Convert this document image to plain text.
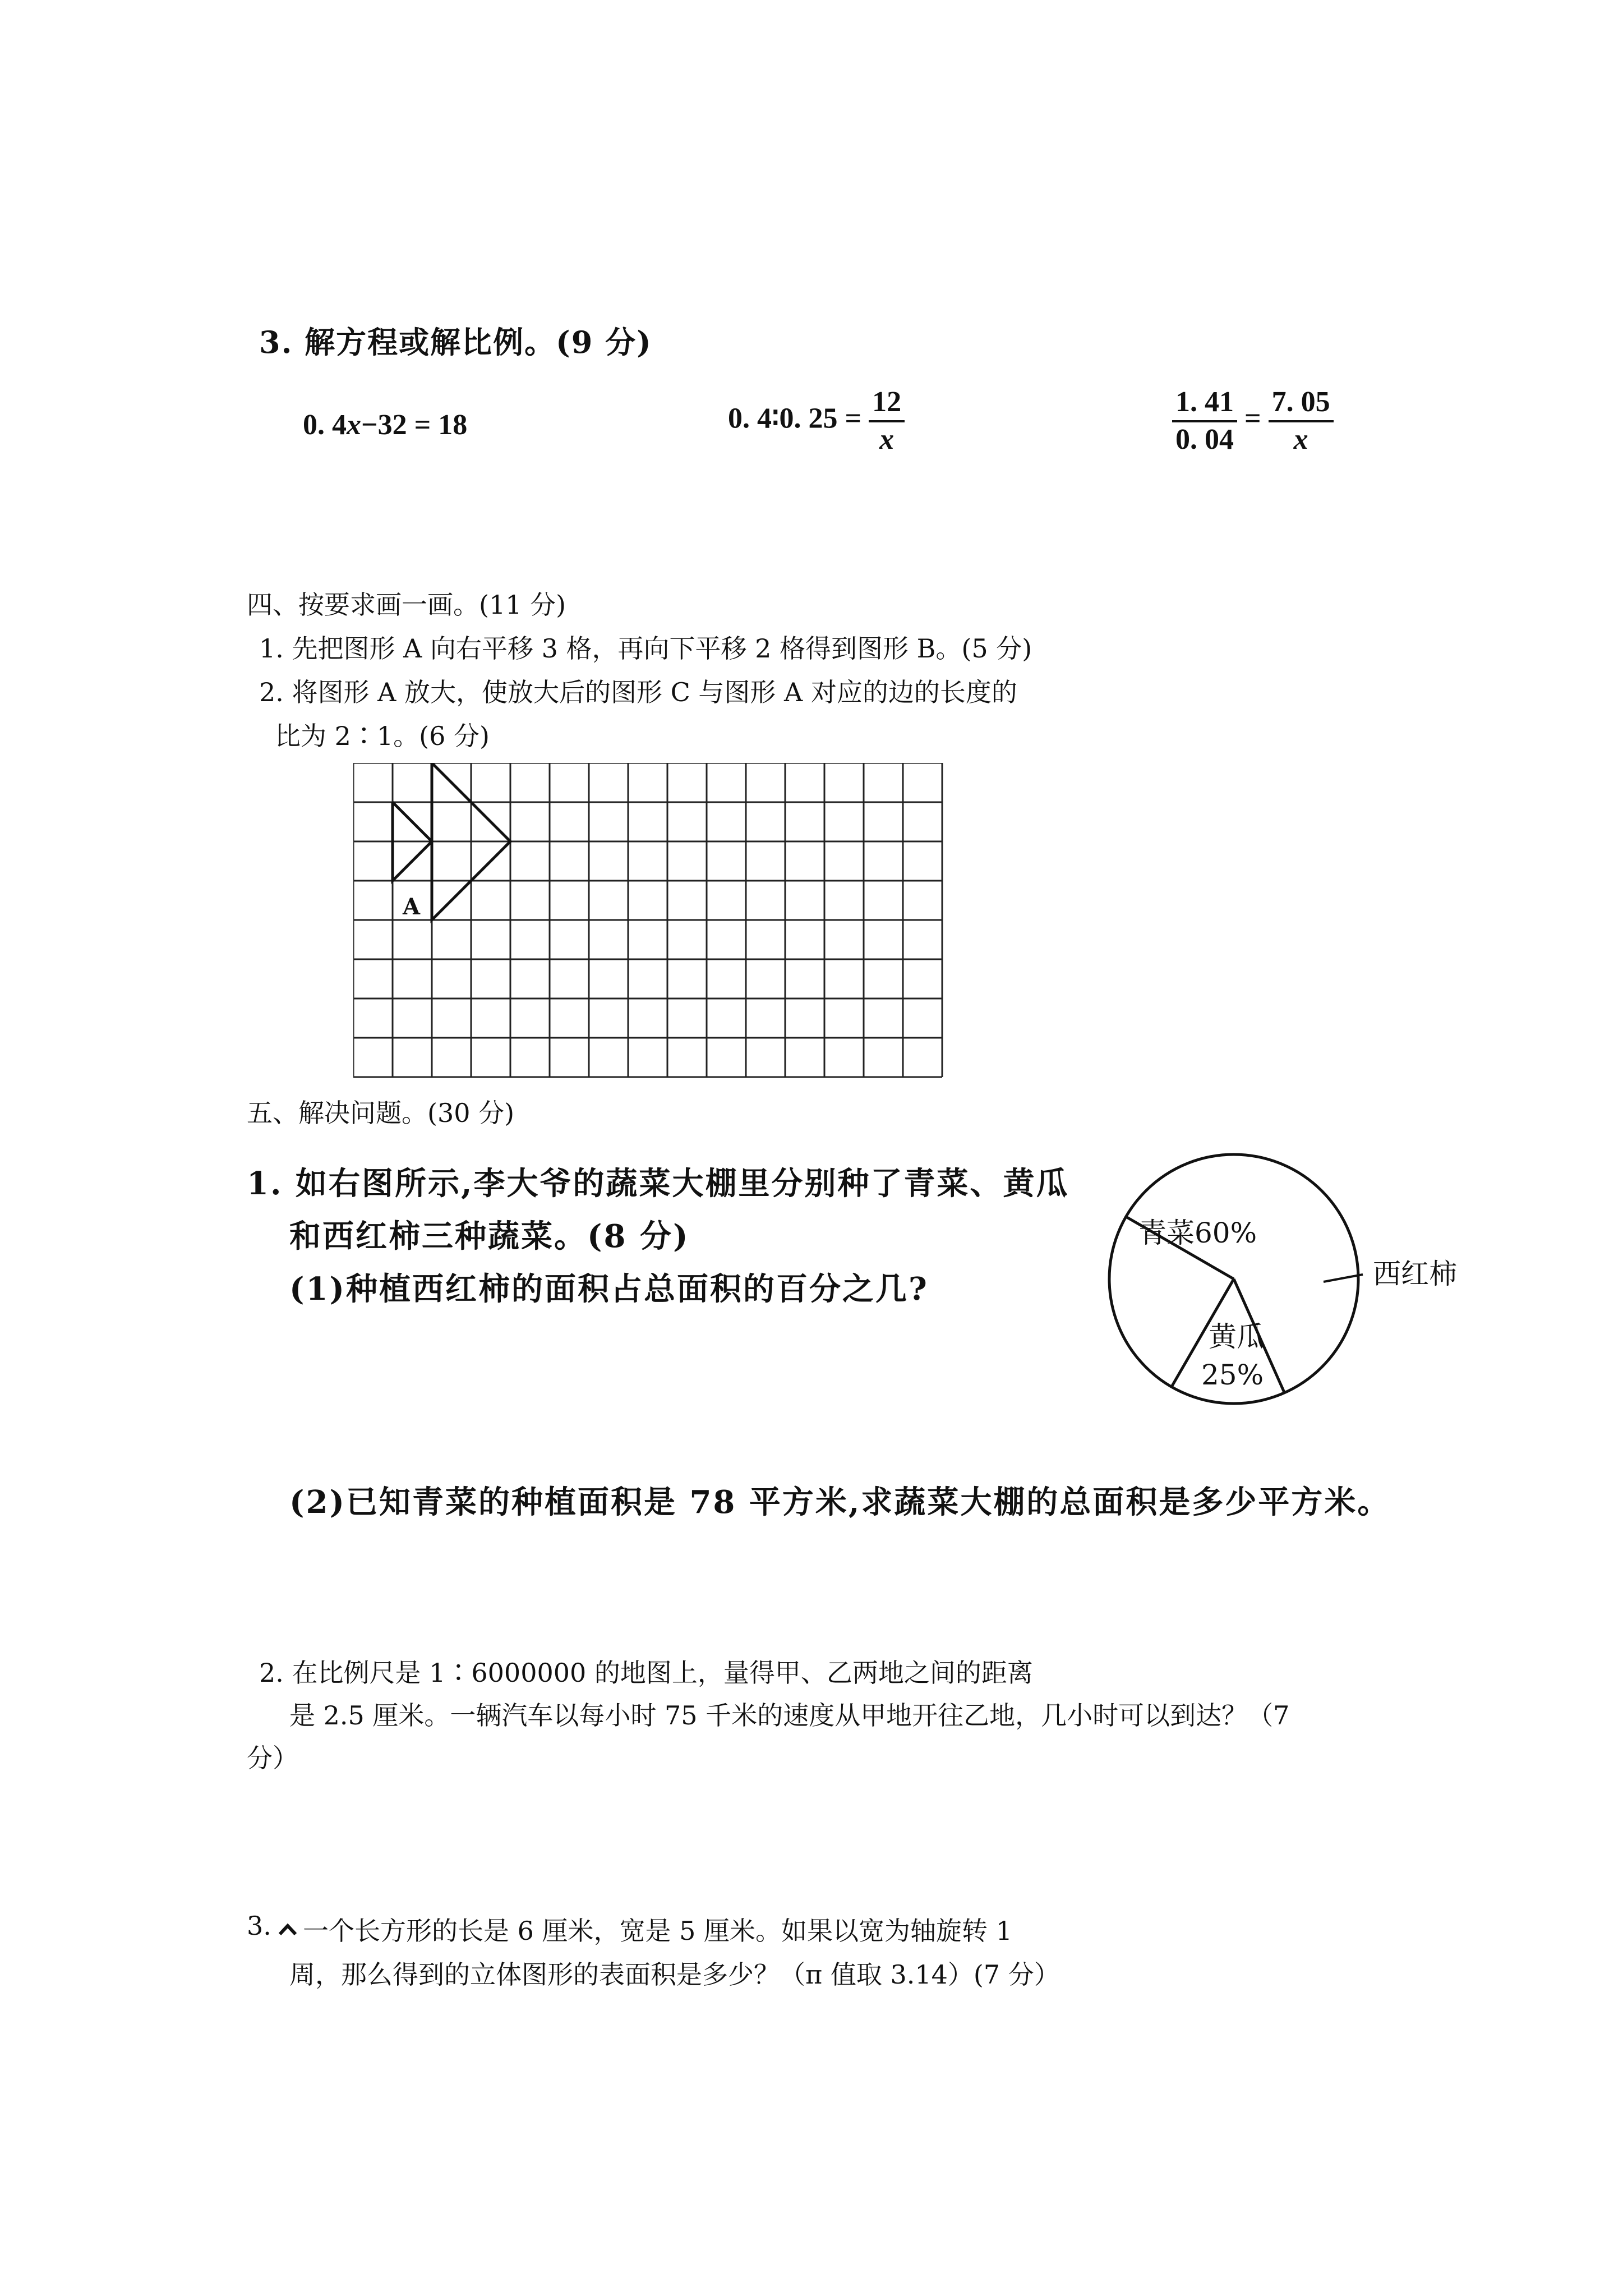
3. 解方程或解比例。(9 分)
0. 4x−32 = 18	0. 4∶0. $25 = \frac{12}{x}$	$\frac{1. 41}{0. 04} = \frac{7. 05}{x}$
四、按要求画一画。(11 分)
1. 先把图形 A 向右平移 3 格，再向下平移 2 格得到图形 B。(5 分)
2. 将图形 A 放大，使放大后的图形 C 与图形 A 对应的边的长度的
比为 2∶1。(6 分)
A
五、解决问题。(30 分)
1. 如右图所示,李大爷的蔬菜大棚里分别种了青菜、黄瓜
和西红柿三种蔬菜。(8 分)
(1)种植西红柿的面积占总面积的百分之几?
青菜60%
黄瓜
25%
西红柿
(2)已知青菜的种植面积是 78 平方米,求蔬菜大棚的总面积是多少平方米。
2. 在比例尺是 1∶6000000 的地图上，量得甲、乙两地之间的距离
是 2.5 厘米。一辆汽车以每小时 75 千米的速度从甲地开往乙地，几小时可以到达？（7
分）
3. 一个长方形的长是 6 厘米，宽是 5 厘米。如果以宽为轴旋转 1
周，那么得到的立体图形的表面积是多少？（π 值取 3.14）(7 分）
